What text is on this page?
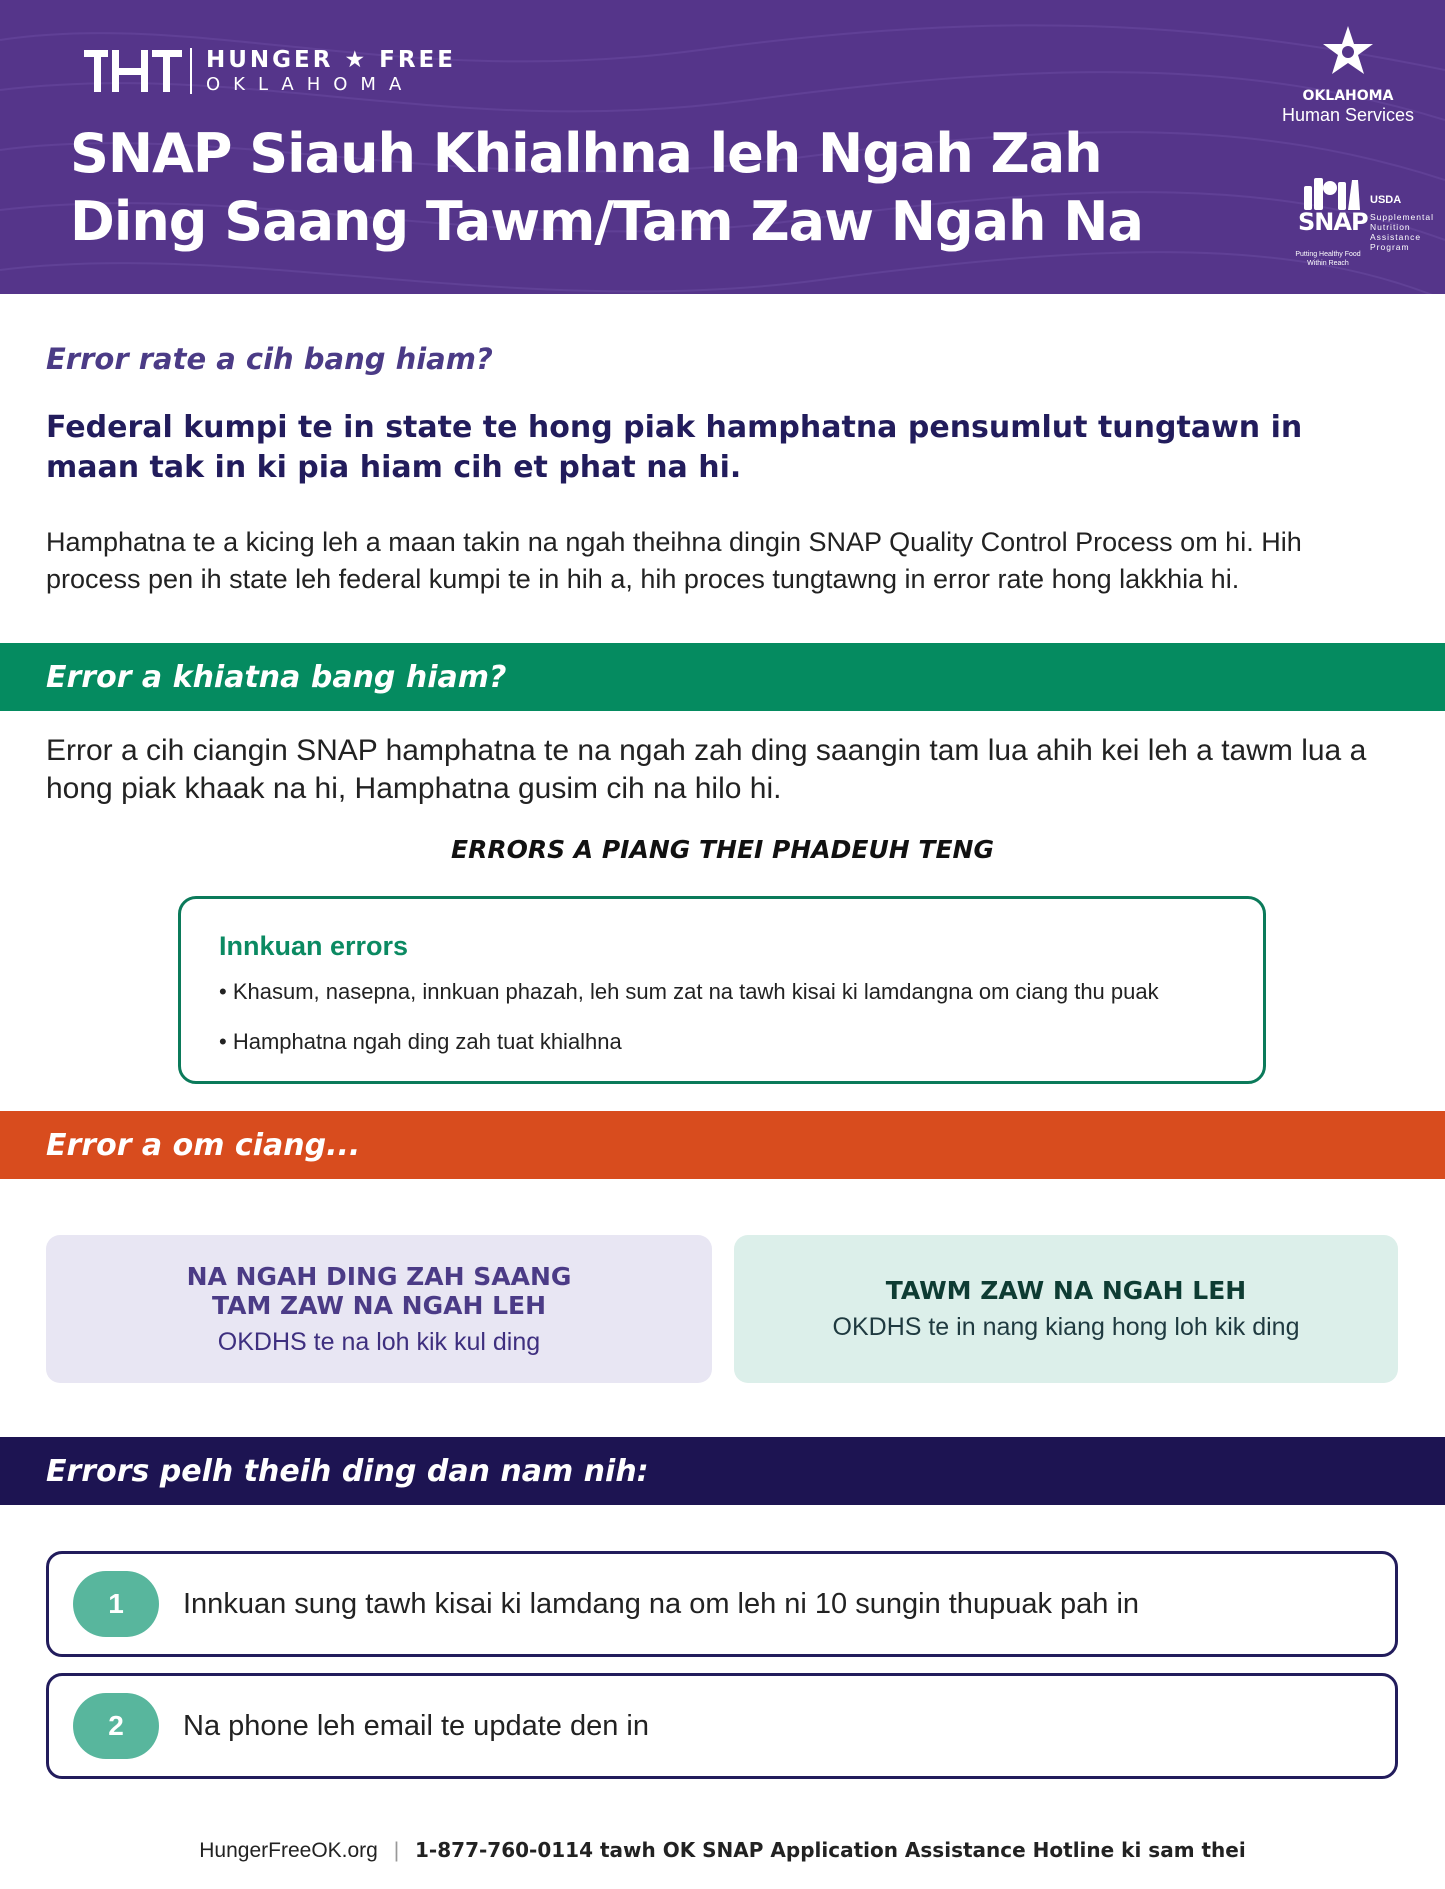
HUNGER ★ FREE
OKLAHOMA
SNAP Siauh Khialhna leh Ngah Zah
Ding Saang Tawm/Tam Zaw Ngah Na
OKLAHOMA
Human Services
SNAP
USDA
Supplemental
Nutrition
Assistance
Program
Putting Healthy Food Within Reach
Error rate a cih bang hiam?
Federal kumpi te in state te hong piak hamphatna pensumlut tungtawn in maan tak in ki pia hiam cih et phat na hi.
Hamphatna te a kicing leh a maan takin na ngah theihna dingin SNAP Quality Control Process om hi. Hih process pen ih state leh federal kumpi te in hih a, hih proces tungtawng in error rate hong lakkhia hi.
Error a khiatna bang hiam?
Error a cih ciangin SNAP hamphatna te na ngah zah ding saangin tam lua ahih kei leh a tawm lua a hong piak khaak na hi, Hamphatna gusim cih na hilo hi.
ERRORS A PIANG THEI PHADEUH TENG
Innkuan errors
• Khasum, nasepna, innkuan phazah, leh sum zat na tawh kisai ki lamdangna om ciang thu puak
• Hamphatna ngah ding zah tuat khialhna
Error a om ciang...
NA NGAH DING ZAH SAANG TAM ZAW NA NGAH LEH
OKDHS te na loh kik kul ding
TAWM ZAW NA NGAH LEH
OKDHS te in nang kiang hong loh kik ding
Errors pelh theih ding dan nam nih:
1	Innkuan sung tawh kisai ki lamdang na om leh ni 10 sungin thupuak pah in
2	Na phone leh email te update den in
HungerFreeOK.org | 1-877-760-0114 tawh OK SNAP Application Assistance Hotline ki sam thei
